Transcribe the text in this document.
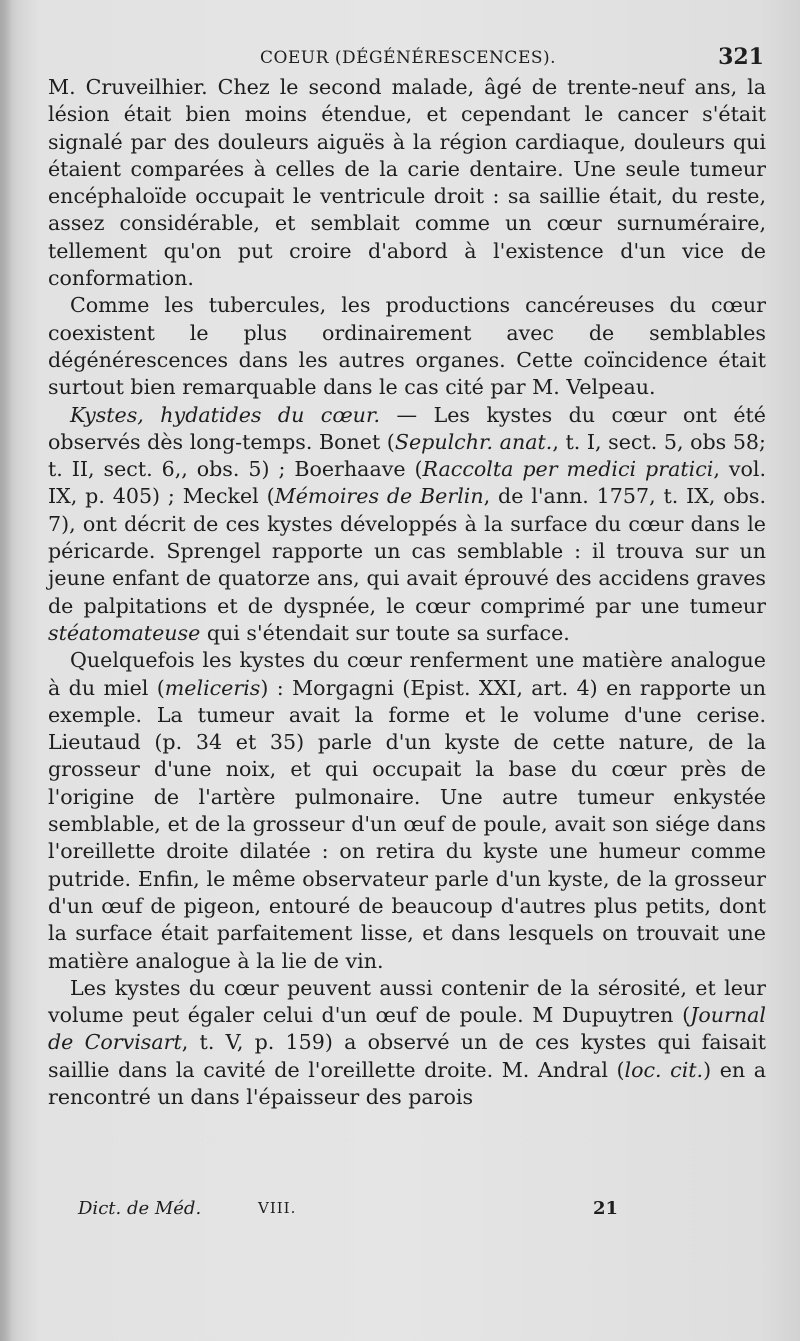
COEUR (DÉGÉNÉRESCENCES).	321

M. Cruveilhier. Chez le second malade, âgé de trente-neuf ans, la lésion était bien moins étendue, et cependant le cancer s'était signalé par des douleurs aiguës à la région cardiaque, douleurs qui étaient comparées à celles de la carie dentaire. Une seule tumeur encéphaloïde occupait le ventricule droit : sa saillie était, du reste, assez considérable, et semblait comme un cœur surnuméraire, tellement qu'on put croire d'abord à l'existence d'un vice de conformation.

Comme les tubercules, les productions cancéreuses du cœur coexistent le plus ordinairement avec de semblables dégénérescences dans les autres organes. Cette coïncidence était surtout bien remarquable dans le cas cité par M. Velpeau.

Kystes, hydatides du cœur. — Les kystes du cœur ont été observés dès long-temps. Bonet (Sepulchr. anat., t. I, sect. 5, obs 58; t. II, sect. 6,, obs. 5) ; Boerhaave (Raccolta per medici pratici, vol. IX, p. 405) ; Meckel (Mémoires de Berlin, de l'ann. 1757, t. IX, obs. 7), ont décrit de ces kystes développés à la surface du cœur dans le péricarde. Sprengel rapporte un cas semblable : il trouva sur un jeune enfant de quatorze ans, qui avait éprouvé des accidens graves de palpitations et de dyspnée, le cœur comprimé par une tumeur stéatomateuse qui s'étendait sur toute sa surface.

Quelquefois les kystes du cœur renferment une matière analogue à du miel (meliceris) : Morgagni (Epist. XXI, art. 4) en rapporte un exemple. La tumeur avait la forme et le volume d'une cerise. Lieutaud (p. 34 et 35) parle d'un kyste de cette nature, de la grosseur d'une noix, et qui occupait la base du cœur près de l'origine de l'artère pulmonaire. Une autre tumeur enkystée semblable, et de la grosseur d'un œuf de poule, avait son siége dans l'oreillette droite dilatée : on retira du kyste une humeur comme putride. Enfin, le même observateur parle d'un kyste, de la grosseur d'un œuf de pigeon, entouré de beaucoup d'autres plus petits, dont la surface était parfaitement lisse, et dans lesquels on trouvait une matière analogue à la lie de vin.

Les kystes du cœur peuvent aussi contenir de la sérosité, et leur volume peut égaler celui d'un œuf de poule. M Dupuytren (Journal de Corvisart, t. V, p. 159) a observé un de ces kystes qui faisait saillie dans la cavité de l'oreillette droite. M. Andral (loc. cit.) en a rencontré un dans l'épaisseur des parois

Dict. de Méd.	VIII.	21
